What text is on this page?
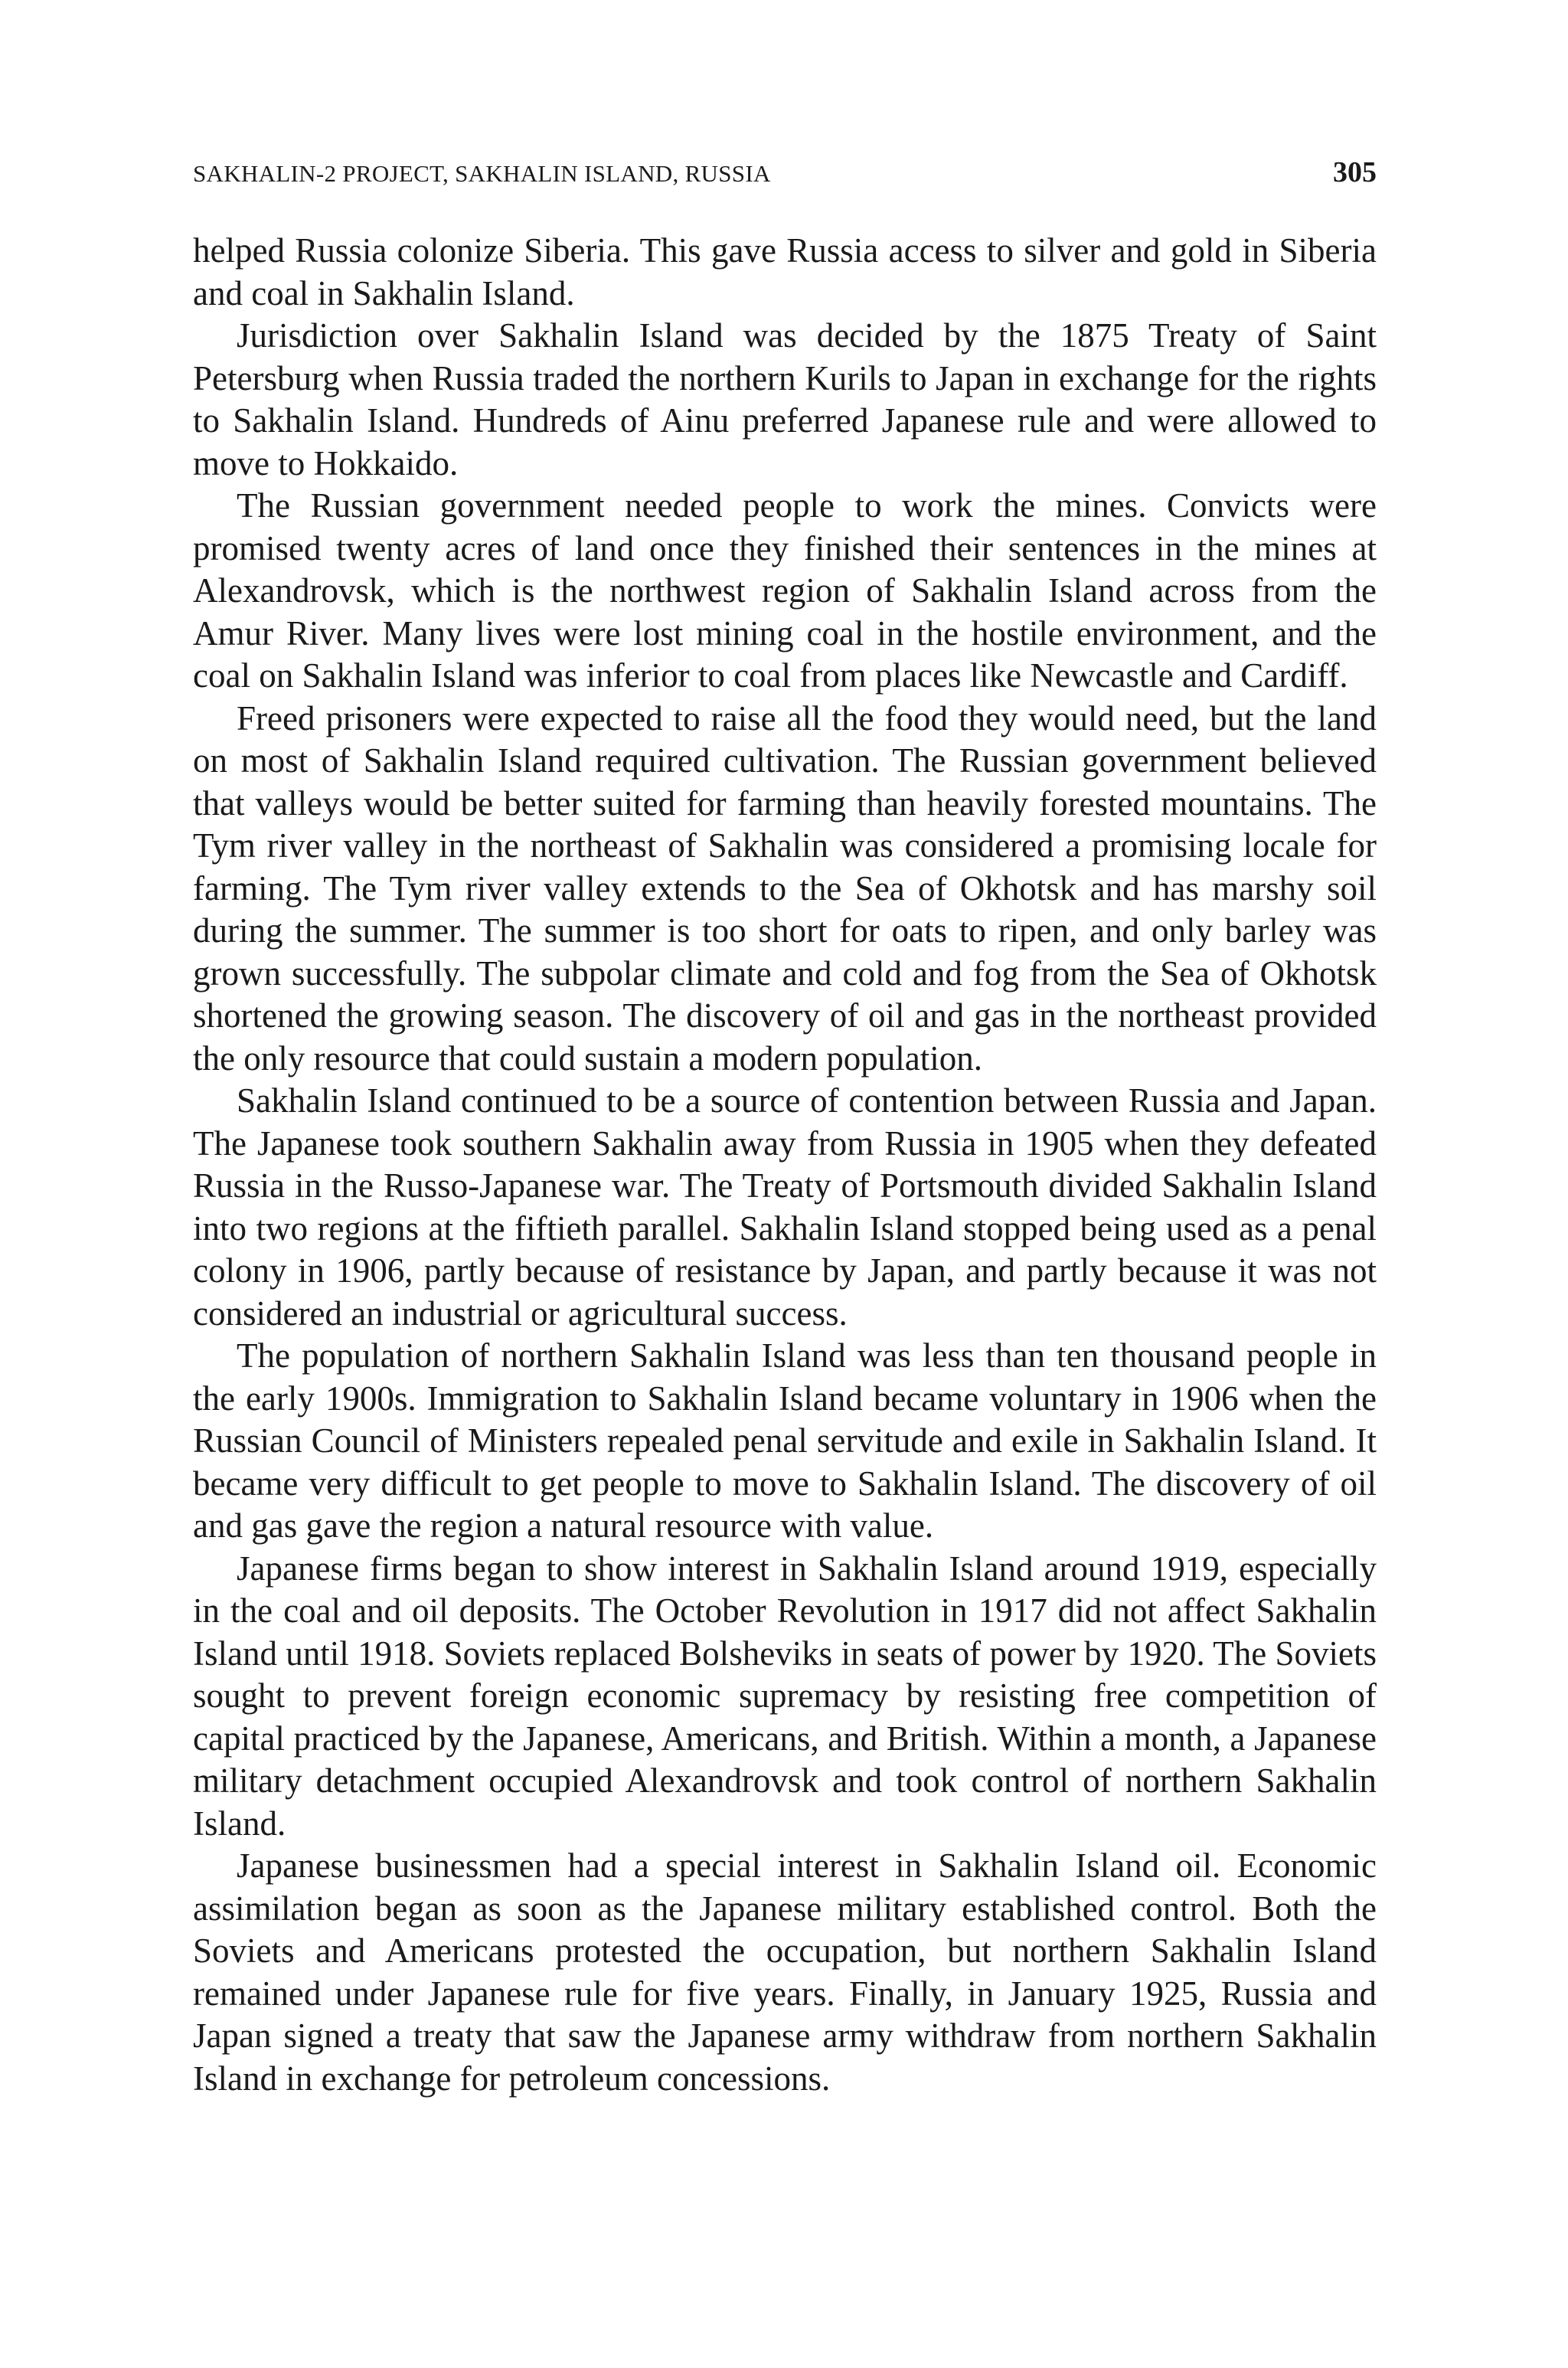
SAKHALIN-2 PROJECT, SAKHALIN ISLAND, RUSSIA	305

helped Russia colonize Siberia. This gave Russia access to silver and gold in Siberia and coal in Sakhalin Island.

Jurisdiction over Sakhalin Island was decided by the 1875 Treaty of Saint Petersburg when Russia traded the northern Kurils to Japan in exchange for the rights to Sakhalin Island. Hundreds of Ainu preferred Japanese rule and were allowed to move to Hokkaido.

The Russian government needed people to work the mines. Convicts were promised twenty acres of land once they finished their sentences in the mines at Alexandrovsk, which is the northwest region of Sakhalin Island across from the Amur River. Many lives were lost mining coal in the hostile environment, and the coal on Sakhalin Island was inferior to coal from places like Newcastle and Cardiff.

Freed prisoners were expected to raise all the food they would need, but the land on most of Sakhalin Island required cultivation. The Russian government believed that valleys would be better suited for farming than heavily forested mountains. The Tym river valley in the northeast of Sakhalin was considered a promising locale for farming. The Tym river valley extends to the Sea of Okhotsk and has marshy soil during the summer. The summer is too short for oats to ripen, and only barley was grown successfully. The subpolar climate and cold and fog from the Sea of Okhotsk shortened the growing season. The discovery of oil and gas in the northeast provided the only resource that could sustain a modern population.

Sakhalin Island continued to be a source of contention between Russia and Japan. The Japanese took southern Sakhalin away from Russia in 1905 when they defeated Russia in the Russo-Japanese war. The Treaty of Portsmouth divided Sakhalin Island into two regions at the fiftieth parallel. Sakhalin Island stopped being used as a penal colony in 1906, partly because of resistance by Japan, and partly because it was not considered an industrial or agricultural success.

The population of northern Sakhalin Island was less than ten thousand people in the early 1900s. Immigration to Sakhalin Island became voluntary in 1906 when the Russian Council of Ministers repealed penal servitude and exile in Sakhalin Island. It became very difficult to get people to move to Sakhalin Island. The discovery of oil and gas gave the region a natural resource with value.

Japanese firms began to show interest in Sakhalin Island around 1919, especially in the coal and oil deposits. The October Revolution in 1917 did not affect Sakhalin Island until 1918. Soviets replaced Bolsheviks in seats of power by 1920. The Soviets sought to prevent foreign economic supremacy by resisting free competition of capital practiced by the Japanese, Americans, and British. Within a month, a Japanese military detachment occupied Alexandrovsk and took control of northern Sakhalin Island.

Japanese businessmen had a special interest in Sakhalin Island oil. Economic assimilation began as soon as the Japanese military established control. Both the Soviets and Americans protested the occupation, but northern Sakhalin Island remained under Japanese rule for five years. Finally, in January 1925, Russia and Japan signed a treaty that saw the Japanese army withdraw from northern Sakhalin Island in exchange for petroleum concessions.
